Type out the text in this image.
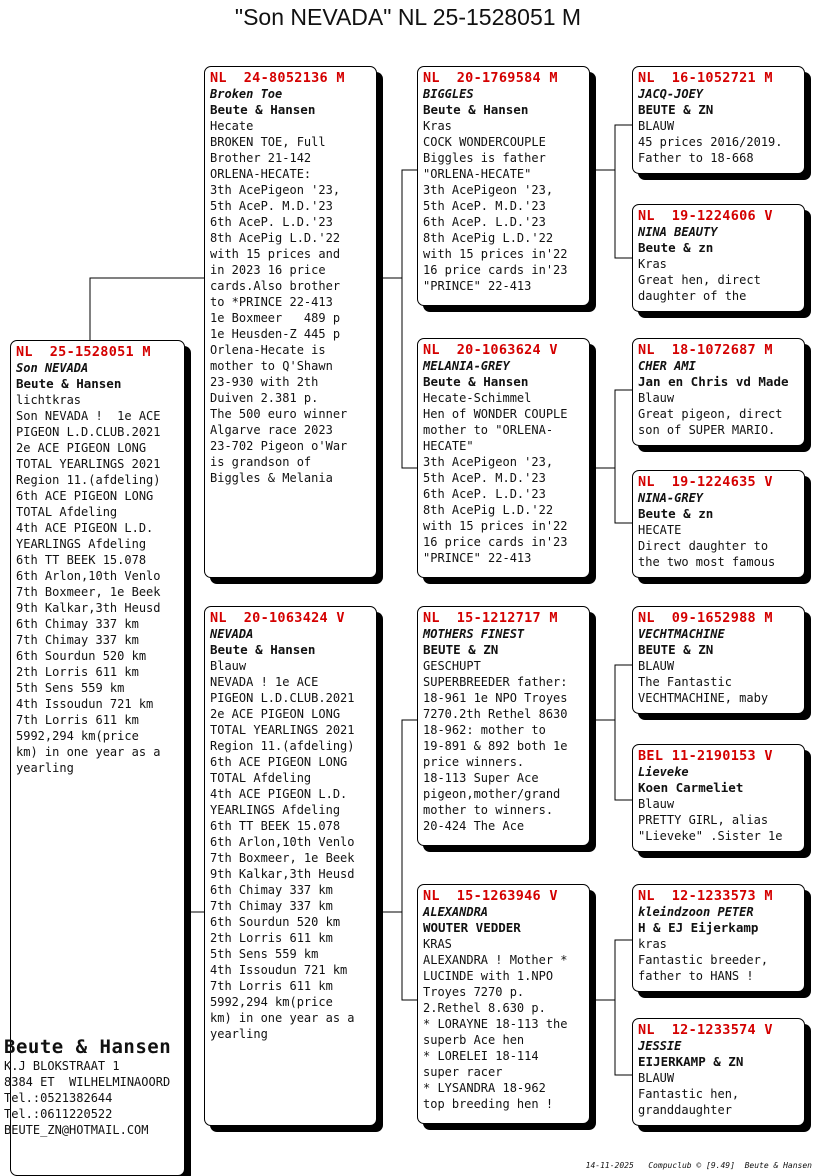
"Son NEVADA" NL 25-1528051 M
NL  25-1528051 M
Son NEVADA
Beute & Hansen
lichtkras
Son NEVADA !  1e ACE
PIGEON L.D.CLUB.2021
2e ACE PIGEON LONG
TOTAL YEARLINGS 2021
Region 11.(afdeling)
6th ACE PIGEON LONG
TOTAL Afdeling
4th ACE PIGEON L.D.
YEARLINGS Afdeling
6th TT BEEK 15.078
6th Arlon,10th Venlo
7th Boxmeer, 1e Beek
9th Kalkar,3th Heusd
6th Chimay 337 km
7th Chimay 337 km
6th Sourdun 520 km
2th Lorris 611 km
5th Sens 559 km
4th Issoudun 721 km
7th Lorris 611 km
5992,294 km(price
km) in one year as a
yearling
NL  24-8052136 M
Broken Toe
Beute & Hansen
Hecate
BROKEN TOE, Full
Brother 21-142
ORLENA-HECATE:
3th AcePigeon '23,
5th AceP. M.D.'23
6th AceP. L.D.'23
8th AcePig L.D.'22
with 15 prices and
in 2023 16 price
cards.Also brother
to *PRINCE 22-413
1e Boxmeer   489 p
1e Heusden-Z 445 p
Orlena-Hecate is
mother to Q'Shawn
23-930 with 2th
Duiven 2.381 p.
The 500 euro winner
Algarve race 2023
23-702 Pigeon o'War
is grandson of
Biggles & Melania
NL  20-1063424 V
NEVADA
Beute & Hansen
Blauw
NEVADA ! 1e ACE
PIGEON L.D.CLUB.2021
2e ACE PIGEON LONG
TOTAL YEARLINGS 2021
Region 11.(afdeling)
6th ACE PIGEON LONG
TOTAL Afdeling
4th ACE PIGEON L.D.
YEARLINGS Afdeling
6th TT BEEK 15.078
6th Arlon,10th Venlo
7th Boxmeer, 1e Beek
9th Kalkar,3th Heusd
6th Chimay 337 km
7th Chimay 337 km
6th Sourdun 520 km
2th Lorris 611 km
5th Sens 559 km
4th Issoudun 721 km
7th Lorris 611 km
5992,294 km(price
km) in one year as a
yearling
NL  20-1769584 M
BIGGLES
Beute & Hansen
Kras
COCK WONDERCOUPLE
Biggles is father
"ORLENA-HECATE"
3th AcePigeon '23,
5th AceP. M.D.'23
6th AceP. L.D.'23
8th AcePig L.D.'22
with 15 prices in'22
16 price cards in'23
"PRINCE" 22-413
NL  20-1063624 V
MELANIA-GREY
Beute & Hansen
Hecate-Schimmel
Hen of WONDER COUPLE
mother to "ORLENA-
HECATE"
3th AcePigeon '23,
5th AceP. M.D.'23
6th AceP. L.D.'23
8th AcePig L.D.'22
with 15 prices in'22
16 price cards in'23
"PRINCE" 22-413
NL  15-1212717 M
MOTHERS FINEST
BEUTE & ZN
GESCHUPT
SUPERBREEDER father:
18-961 1e NPO Troyes
7270.2th Rethel 8630
18-962: mother to
19-891 & 892 both 1e
price winners.
18-113 Super Ace
pigeon,mother/grand
mother to winners.
20-424 The Ace
NL  15-1263946 V
ALEXANDRA
WOUTER VEDDER
KRAS
ALEXANDRA ! Mother *
LUCINDE with 1.NPO
Troyes 7270 p.
2.Rethel 8.630 p.
* LORAYNE 18-113 the
superb Ace hen
* LORELEI 18-114
super racer
* LYSANDRA 18-962
top breeding hen !
NL  16-1052721 M
JACQ-JOEY
BEUTE & ZN
BLAUW
45 prices 2016/2019.
Father to 18-668
NL  19-1224606 V
NINA BEAUTY
Beute & zn
Kras
Great hen, direct
daughter of the
NL  18-1072687 M
CHER AMI
Jan en Chris vd Made
Blauw
Great pigeon, direct
son of SUPER MARIO.
NL  19-1224635 V
NINA-GREY
Beute & zn
HECATE
Direct daughter to
the two most famous
NL  09-1652988 M
VECHTMACHINE
BEUTE & ZN
BLAUW
The Fantastic
VECHTMACHINE, maby
BEL 11-2190153 V
Lieveke
Koen Carmeliet
Blauw
PRETTY GIRL, alias
"Lieveke" .Sister 1e
NL  12-1233573 M
kleindzoon PETER
H & EJ Eijerkamp
kras
Fantastic breeder,
father to HANS !
NL  12-1233574 V
JESSIE
EIJERKAMP & ZN
BLAUW
Fantastic hen,
granddaughter
Beute & Hansen
K.J BLOKSTRAAT 1
8384 ET  WILHELMINAOORD
Tel.:0521382644
Tel.:0611220522
BEUTE_ZN@HOTMAIL.COM
14-11-2025   Compuclub © [9.49]  Beute & Hansen
